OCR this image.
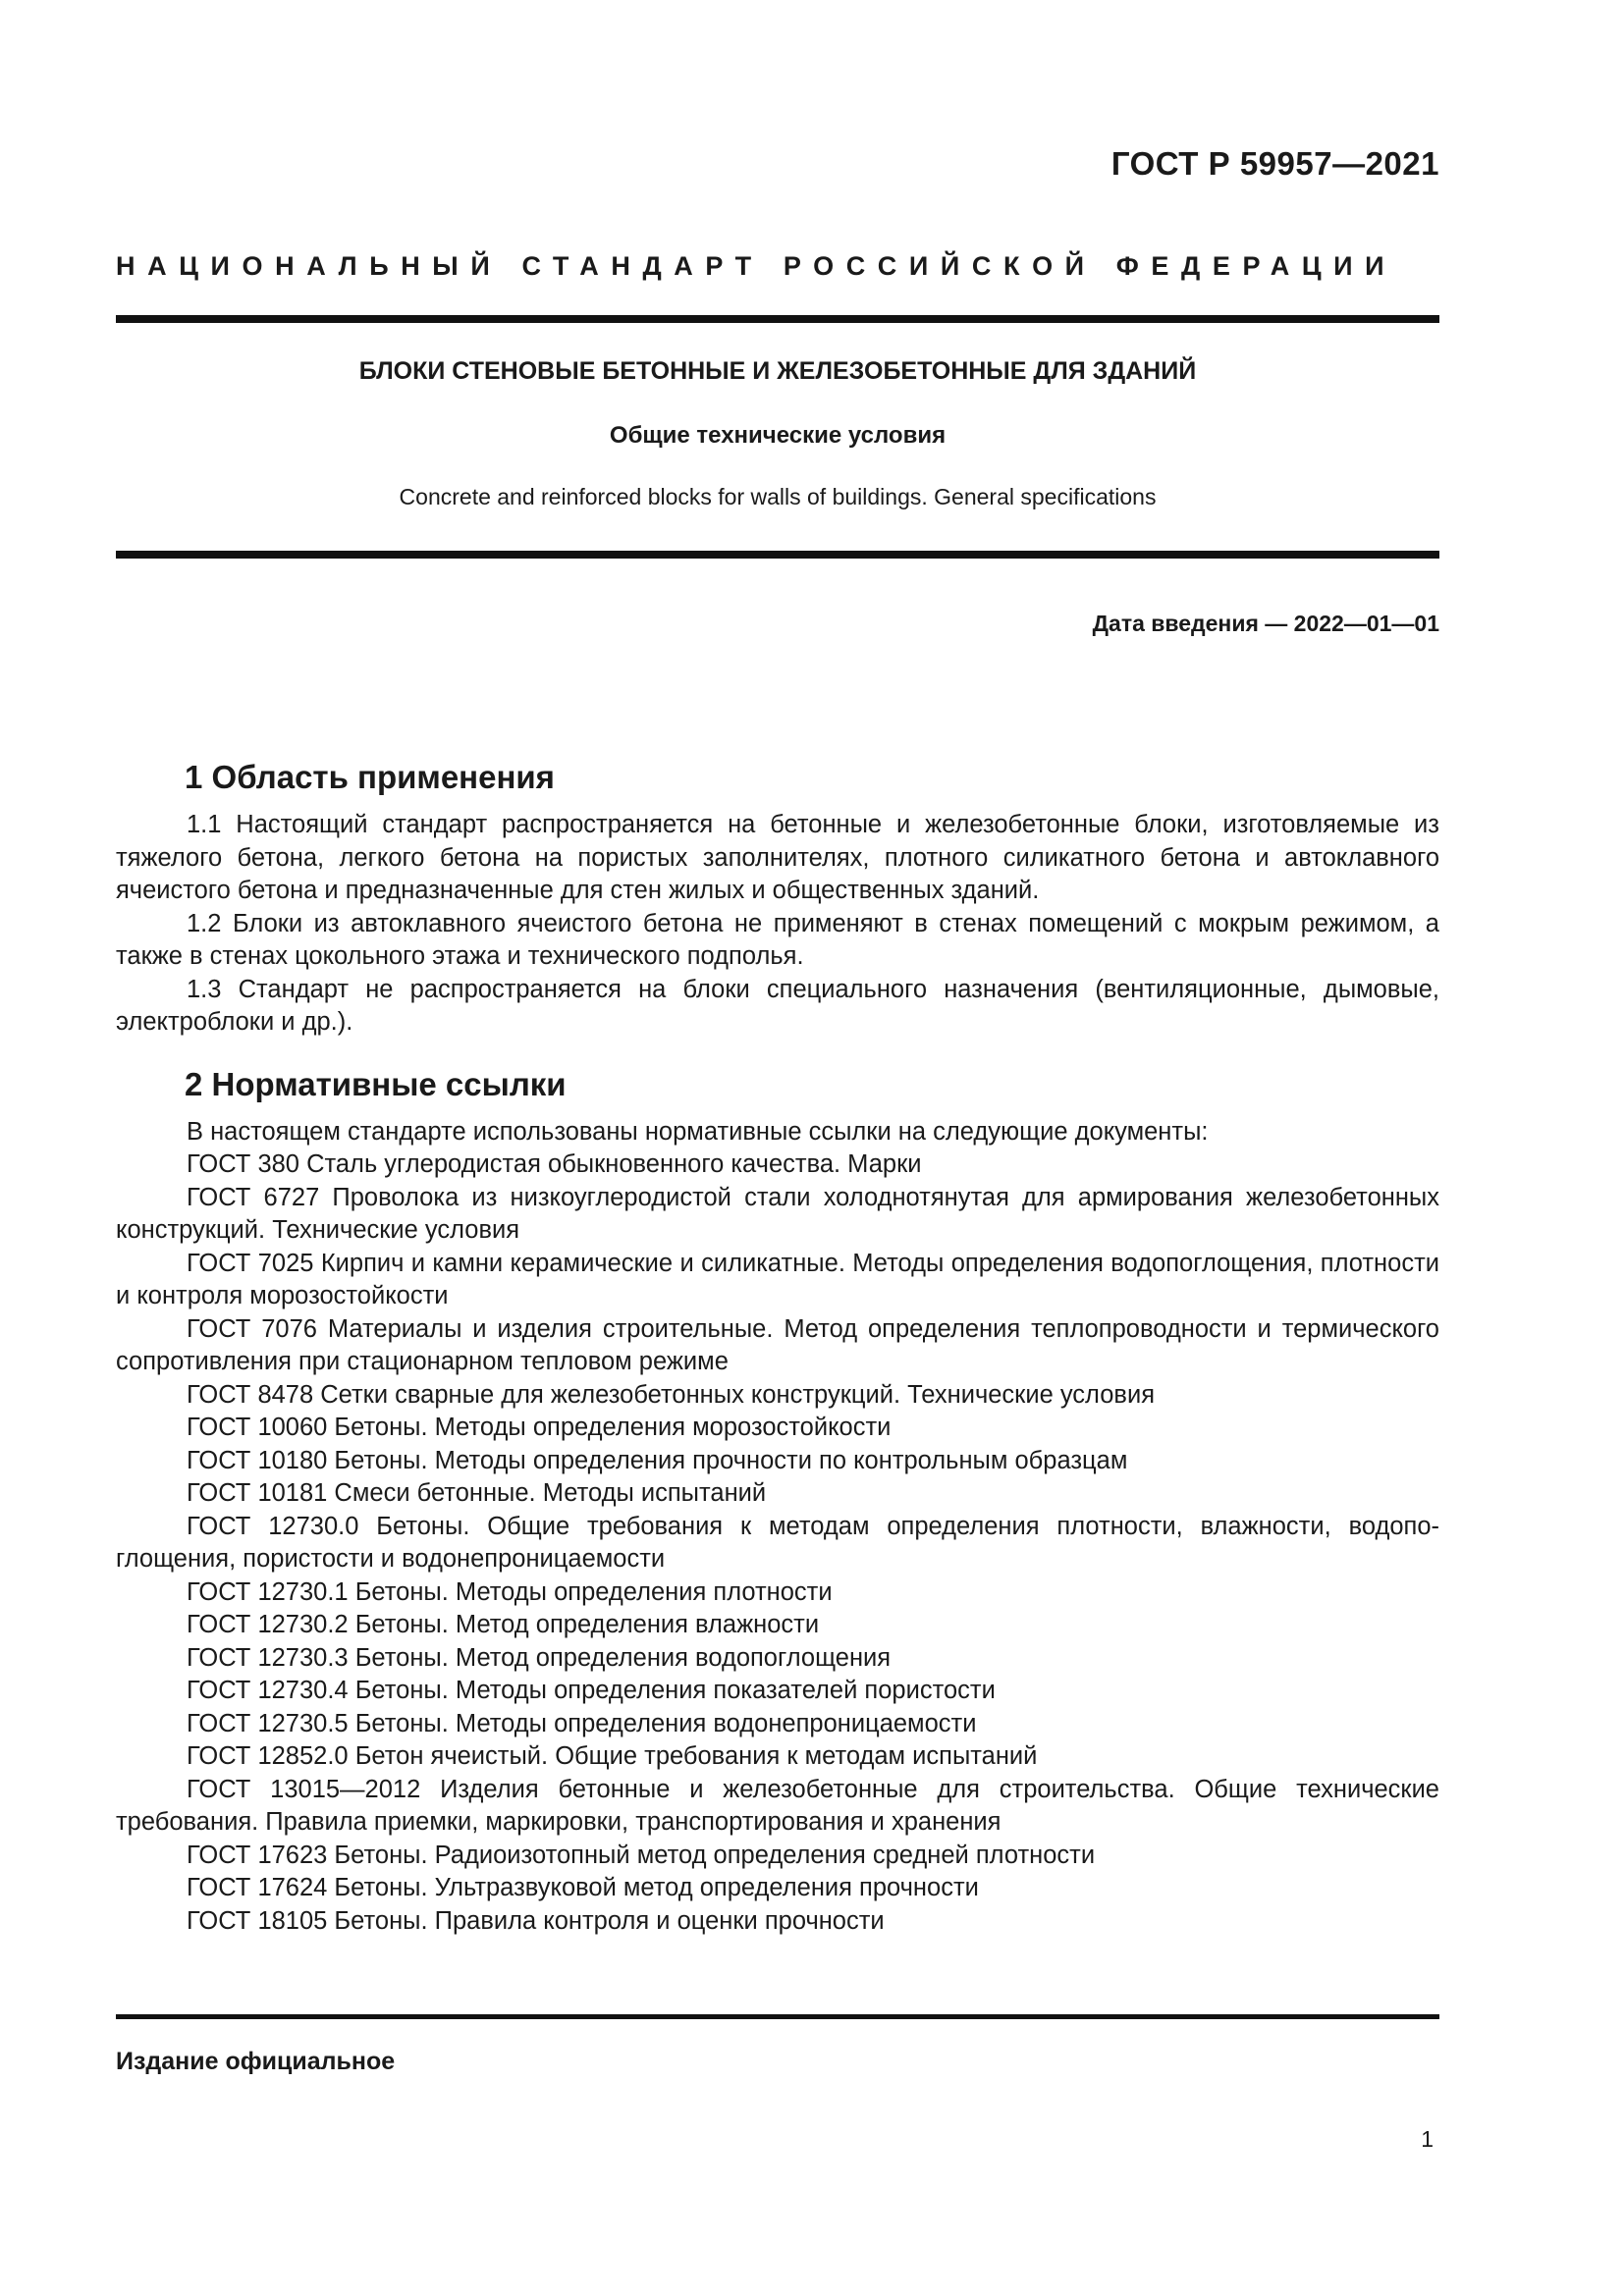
ГОСТ Р 59957—2021
НАЦИОНАЛЬНЫЙ СТАНДАРТ РОССИЙСКОЙ ФЕДЕРАЦИИ
БЛОКИ СТЕНОВЫЕ БЕТОННЫЕ И ЖЕЛЕЗОБЕТОННЫЕ ДЛЯ ЗДАНИЙ
Общие технические условия
Concrete and reinforced blocks for walls of buildings. General specifications
Дата введения — 2022—01—01
1 Область применения

1.1 Настоящий стандарт распространяется на бетонные и железобетонные блоки, изготовляемые из тяжелого бетона, легкого бетона на пористых заполнителях, плотного силикатного бетона и автоклавного ячеистого бетона и предназначенные для стен жилых и общественных зданий.

1.2 Блоки из автоклавного ячеистого бетона не применяют в стенах помещений с мокрым режимом, а также в стенах цокольного этажа и технического подполья.

1.3 Стандарт не распространяется на блоки специального назначения (вентиляционные, дымовые, электроблоки и др.).

2 Нормативные ссылки

В настоящем стандарте использованы нормативные ссылки на следующие документы:

ГОСТ 380 Сталь углеродистая обыкновенного качества. Марки

ГОСТ 6727 Проволока из низкоуглеродистой стали холоднотянутая для армирования железобетонных конструкций. Технические условия

ГОСТ 7025 Кирпич и камни керамические и силикатные. Методы определения водопоглощения, плотности и контроля морозостойкости

ГОСТ 7076 Материалы и изделия строительные. Метод определения теплопроводности и термического сопротивления при стационарном тепловом режиме

ГОСТ 8478 Сетки сварные для железобетонных конструкций. Технические условия

ГОСТ 10060 Бетоны. Методы определения морозостойкости

ГОСТ 10180 Бетоны. Методы определения прочности по контрольным образцам

ГОСТ 10181 Смеси бетонные. Методы испытаний

ГОСТ 12730.0 Бетоны. Общие требования к методам определения плотности, влажности, водопоглощения, пористости и водонепроницаемости

ГОСТ 12730.1 Бетоны. Методы определения плотности

ГОСТ 12730.2 Бетоны. Метод определения влажности

ГОСТ 12730.3 Бетоны. Метод определения водопоглощения

ГОСТ 12730.4 Бетоны. Методы определения показателей пористости

ГОСТ 12730.5 Бетоны. Методы определения водонепроницаемости

ГОСТ 12852.0 Бетон ячеистый. Общие требования к методам испытаний

ГОСТ 13015—2012 Изделия бетонные и железобетонные для строительства. Общие технические требования. Правила приемки, маркировки, транспортирования и хранения

ГОСТ 17623 Бетоны. Радиоизотопный метод определения средней плотности

ГОСТ 17624 Бетоны. Ультразвуковой метод определения прочности

ГОСТ 18105 Бетоны. Правила контроля и оценки прочности

Издание официальное
1
